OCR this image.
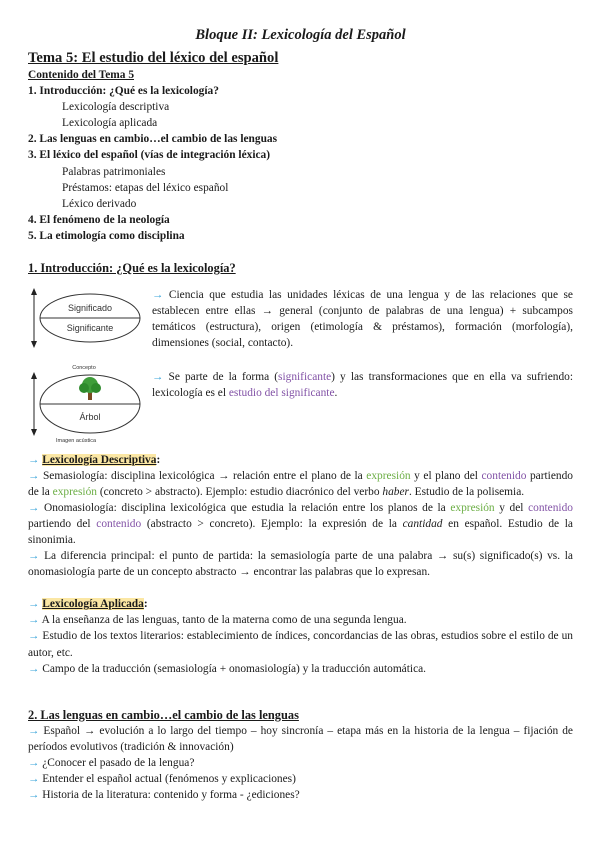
Bloque II: Lexicología del Español
Tema 5: El estudio del léxico del español
Contenido del Tema 5
1. Introducción: ¿Qué es la lexicología?
Lexicología descriptiva
Lexicología aplicada
2. Las lenguas en cambio…el cambio de las lenguas
3. El léxico del español (vías de integración léxica)
Palabras patrimoniales
Préstamos: etapas del léxico español
Léxico derivado
4. El fenómeno de la neología
5. La etimología como disciplina
1. Introducción: ¿Qué es la lexicología?
Significado
Significante
→ Ciencia que estudia las unidades léxicas de una lengua y de las relaciones que se establecen entre ellas → general (conjunto de palabras de una lengua) + subcampos temáticos (estructura), origen (etimología & préstamos), formación (morfología), dimensiones (social, contacto).
Concepto
Árbol
Imagen acústica
→ Se parte de la forma (significante) y las transformaciones que en ella va sufriendo: lexicología es el estudio del significante.
→ Lexicología Descriptiva:
→ Semasiología: disciplina lexicológica → relación entre el plano de la expresión y el plano del contenido partiendo de la expresión (concreto > abstracto). Ejemplo: estudio diacrónico del verbo haber. Estudio de la polisemia.
→ Onomasiología: disciplina lexicológica que estudia la relación entre los planos de la expresión y del contenido partiendo del contenido (abstracto > concreto). Ejemplo: la expresión de la cantidad en español. Estudio de la sinonimia.
→ La diferencia principal: el punto de partida: la semasiología parte de una palabra → su(s) significado(s) vs. la onomasiología parte de un concepto abstracto → encontrar las palabras que lo expresan.
→ Lexicología Aplicada:
→ A la enseñanza de las lenguas, tanto de la materna como de una segunda lengua.
→ Estudio de los textos literarios: establecimiento de índices, concordancias de las obras, estudios sobre el estilo de un autor, etc.
→ Campo de la traducción (semasiología + onomasiología) y la traducción automática.
2. Las lenguas en cambio…el cambio de las lenguas
→ Español → evolución a lo largo del tiempo – hoy sincronía – etapa más en la historia de la lengua – fijación de períodos evolutivos (tradición & innovación)
→ ¿Conocer el pasado de la lengua?
→ Entender el español actual (fenómenos y explicaciones)
→ Historia de la literatura: contenido y forma - ¿ediciones?
